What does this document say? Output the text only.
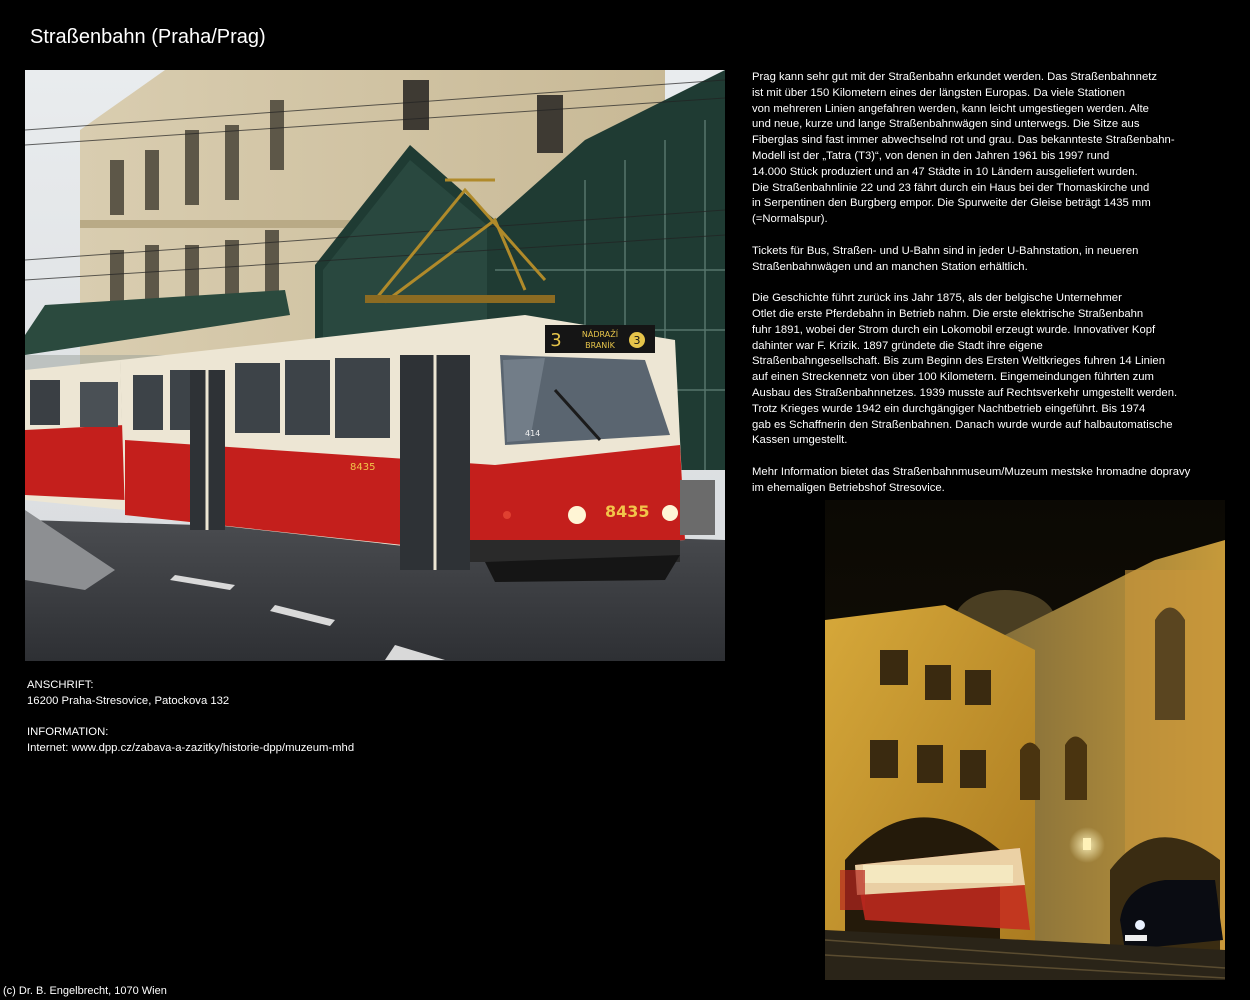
Straßenbahn (Praha/Prag)
3	NÁDRAŽÍ
BRANÍK 3
414
8435
8435

Prag kann sehr gut mit der Straßenbahn erkundet werden. Das Straßenbahnnetz
ist mit über 150 Kilometern eines der längsten Europas. Da viele Stationen
von mehreren Linien angefahren werden, kann leicht umgestiegen werden. Alte
und neue, kurze und lange Straßenbahnwägen sind unterwegs. Die Sitze aus
Fiberglas sind fast immer abwechselnd rot und grau. Das bekannteste Straßenbahn-
Modell ist der „Tatra (T3)“, von denen in den Jahren 1961 bis 1997 rund
14.000 Stück produziert und an 47 Städte in 10 Ländern ausgeliefert wurden.
Die Straßenbahnlinie 22 und 23 fährt durch ein Haus bei der Thomaskirche und
in Serpentinen den Burgberg empor. Die Spurweite der Gleise beträgt 1435 mm
(=Normalspur).

Tickets für Bus, Straßen- und U-Bahn sind in jeder U-Bahnstation, in neueren
Straßenbahnwägen und an manchen Station erhältlich.

Die Geschichte führt zurück ins Jahr 1875, als der belgische Unternehmer
Otlet die erste Pferdebahn in Betrieb nahm. Die erste elektrische Straßenbahn
fuhr 1891, wobei der Strom durch ein Lokomobil erzeugt wurde. Innovativer Kopf
dahinter war F. Krizik. 1897 gründete die Stadt ihre eigene
Straßenbahngesellschaft. Bis zum Beginn des Ersten Weltkrieges fuhren 14 Linien
auf einen Streckennetz von über 100 Kilometern. Eingemeindungen führten zum
Ausbau des Straßenbahnnetzes. 1939 musste auf Rechtsverkehr umgestellt werden.
Trotz Krieges wurde 1942 ein durchgängiger Nachtbetrieb eingeführt. Bis 1974
gab es Schaffnerin den Straßenbahnen. Danach wurde wurde auf halbautomatische
Kassen umgestellt.

Mehr Information bietet das Straßenbahnmuseum/Muzeum mestske hromadne dopravy
im ehemaligen Betriebshof Stresovice.

ANSCHRIFT:
16200 Praha-Stresovice, Patockova 132
INFORMATION:
Internet: www.dpp.cz/zabava-a-zazitky/historie-dpp/muzeum-mhd
(c) Dr. B. Engelbrecht, 1070 Wien
